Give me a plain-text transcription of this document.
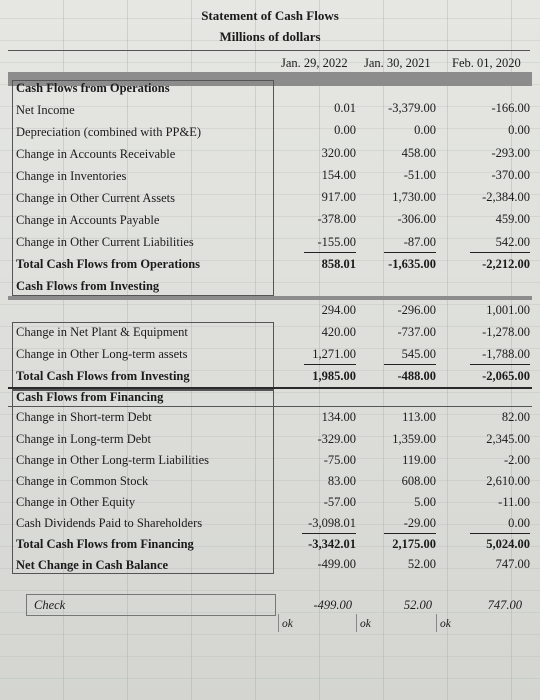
Statement of Cash Flows
Millions of dollars
Jan. 29, 2022 Jan. 30, 2021 Feb. 01, 2020
Cash Flows from Operations
Net Income	0.01	-3,379.00	-166.00
Depreciation (combined with PP&E)	0.00	0.00	0.00
Change in Accounts Receivable	320.00	458.00	-293.00
Change in Inventories	154.00	-51.00	-370.00
Change in Other Current Assets	917.00	1,730.00	-2,384.00
Change in Accounts Payable	-378.00	-306.00	459.00
Change in Other Current Liabilities	-155.00	-87.00	542.00
Total Cash Flows from Operations	858.01	-1,635.00	-2,212.00
Cash Flows from Investing
294.00	-296.00	1,001.00
Change in Net Plant & Equipment	420.00	-737.00	-1,278.00
Change in Other Long-term assets	1,271.00	545.00	-1,788.00
Total Cash Flows from Investing	1,985.00	-488.00	-2,065.00
Cash Flows from Financing
Change in Short-term Debt	134.00	113.00	82.00
Change in Long-term Debt	-329.00	1,359.00	2,345.00
Change in Other Long-term Liabilities	-75.00	119.00	-2.00
Change in Common Stock	83.00	608.00	2,610.00
Change in Other Equity	-57.00	5.00	-11.00
Cash Dividends Paid to Shareholders	-3,098.01	-29.00	0.00
Total Cash Flows from Financing	-3,342.01	2,175.00	5,024.00
Net Change in Cash Balance	-499.00	52.00	747.00
Check	-499.00	52.00	747.00
ok	ok	ok
